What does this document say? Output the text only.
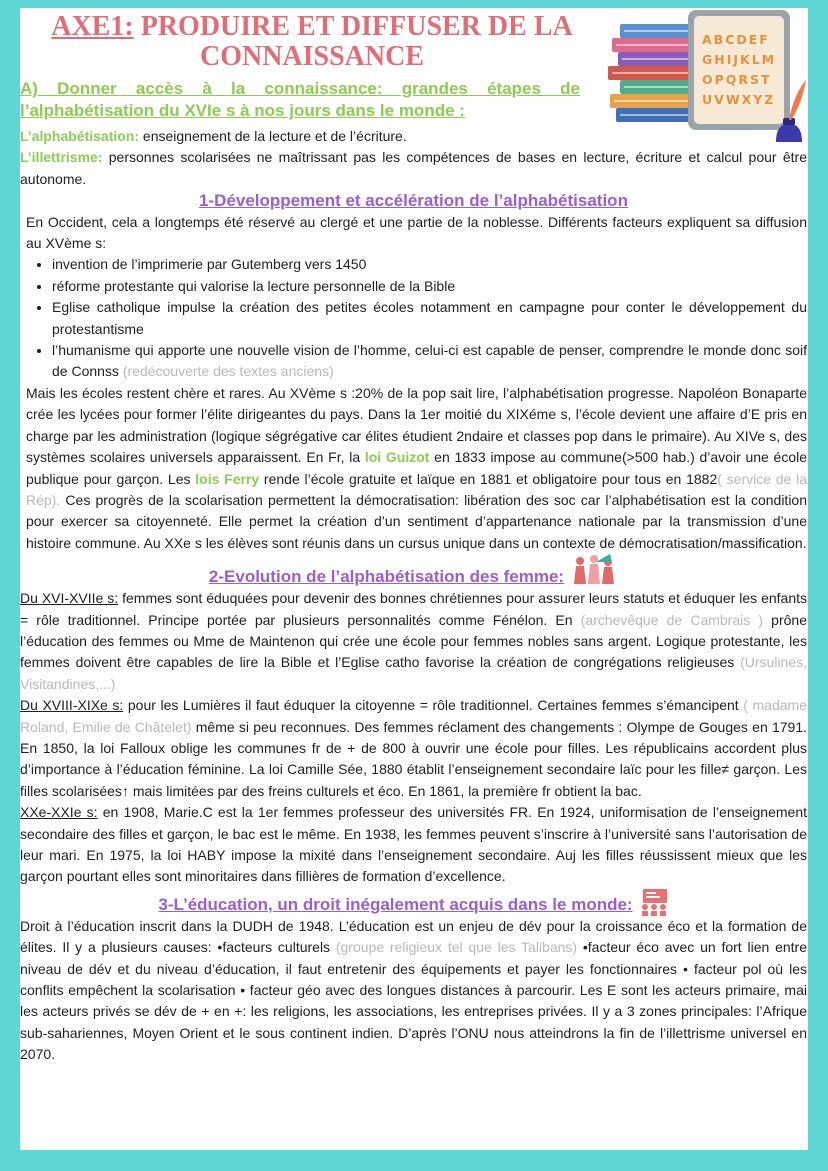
AXE1: PRODUIRE ET DIFFUSER DE LA CONNAISSANCE
A) Donner accès à la connaissance: grandes étapes de l’alphabétisation du XVIe s à nos jours dans le monde :
ABCDEF
GHIJKLM
OPQRST
UVWXYZ

L’alphabétisation: enseignement de la lecture et de l’écriture.

L’illettrisme: personnes scolarisées ne maîtrissant pas les compétences de bases en lecture, écriture et calcul pour être autonome.

1-Développement et accélération de l’alphabétisation

En Occident, cela a longtemps été réservé au clergé et une partie de la noblesse. Différents facteurs expliquent sa diffusion au XVème s:

• invention de l’imprimerie par Gutemberg vers 1450
• réforme protestante qui valorise la lecture personnelle de la Bible
• Eglise catholique impulse la création des petites écoles notamment en campagne pour conter le développement du protestantisme
• l’humanisme qui apporte une nouvelle vision de l’homme, celui-ci est capable de penser, comprendre le monde donc soif de Connss (redécouverte des textes anciens)

Mais les écoles restent chère et rares. Au XVème s :20% de la pop sait lire, l’alphabétisation progresse. Napoléon Bonaparte crée les lycées pour former l’élite dirigeantes du pays. Dans la 1er moitié du XIXéme s, l’école devient une affaire d’E pris en charge par les administration (logique ségrégative car élites étudient 2ndaire et classes pop dans le primaire). Au XIVe s, des systèmes scolaires universels apparaissent. En Fr, la loi Guizot en 1833 impose au commune(>500 hab.) d’avoir une école publique pour garçon. Les lois Ferry rende l’école gratuite et laïque en 1881 et obligatoire pour tous en 1882( service de la Rép). Ces progrès de la scolarisation permettent la démocratisation: libération des soc car l’alphabétisation est la condition pour exercer sa citoyenneté. Elle permet la création d’un sentiment d’appartenance nationale par la transmission d’une histoire commune. Au XXe s les élèves sont réunis dans un cursus unique dans un contexte de démocratisation/massification.

2-Evolution de l’alphabétisation des femme:

Du XVI-XVIIe s: femmes sont éduquées pour devenir des bonnes chrétiennes pour assurer leurs statuts et éduquer les enfants = rôle traditionnel. Principe portée par plusieurs personnalités comme Fénélon. En (archevêque de Cambrais ) prône l’éducation des femmes ou Mme de Maintenon qui crée une école pour femmes nobles sans argent. Logique protestante, les femmes doivent être capables de lire la Bible et l’Eglise catho favorise la création de congrégations religieuses (Ursulines, Visitandines,...)

Du XVIII-XIXe s: pour les Lumières il faut éduquer la citoyenne = rôle traditionnel. Certaines femmes s’émancipent ( madame Roland, Emilie de Châtelet) même si peu reconnues. Des femmes réclament des changements : Olympe de Gouges en 1791. En 1850, la loi Falloux oblige les communes fr de + de 800 à ouvrir une école pour filles. Les républicains accordent plus d’importance à l’éducation féminine. La loi Camille Sée, 1880 établit l’enseignement secondaire laïc pour les fille≠ garçon. Les filles scolarisées↑ mais limitées par des freins culturels et éco. En 1861, la première fr obtient la bac.

XXe-XXIe s: en 1908, Marie.C est la 1er femmes professeur des universités FR. En 1924, uniformisation de l’enseignement secondaire des filles et garçon, le bac est le même. En 1938, les femmes peuvent s’inscrire à l’université sans l’autorisation de leur mari. En 1975, la loi HABY impose la mixité dans l’enseignement secondaire. Auj les filles réussissent mieux que les garçon pourtant elles sont minoritaires dans fillières de formation d’excellence.

3-L’éducation, un droit inégalement acquis dans le monde:

Droit à l’éducation inscrit dans la DUDH de 1948. L’éducation est un enjeu de dév pour la croissance éco et la formation de élites. Il y a plusieurs causes: •facteurs culturels (groupe religieux tel que les Talibans) •facteur éco avec un fort lien entre niveau de dév et du niveau d’éducation, il faut entretenir des équipements et payer les fonctionnaires • facteur pol où les conflits empêchent la scolarisation • facteur géo avec des longues distances à parcourir. Les E sont les acteurs primaire, mai les acteurs privés se dév de + en +: les religions, les associations, les entreprises privées. Il y a 3 zones principales: l’Afrique sub-sahariennes, Moyen Orient et le sous continent indien. D’après l’ONU nous atteindrons la fin de l’illettrisme universel en 2070.
